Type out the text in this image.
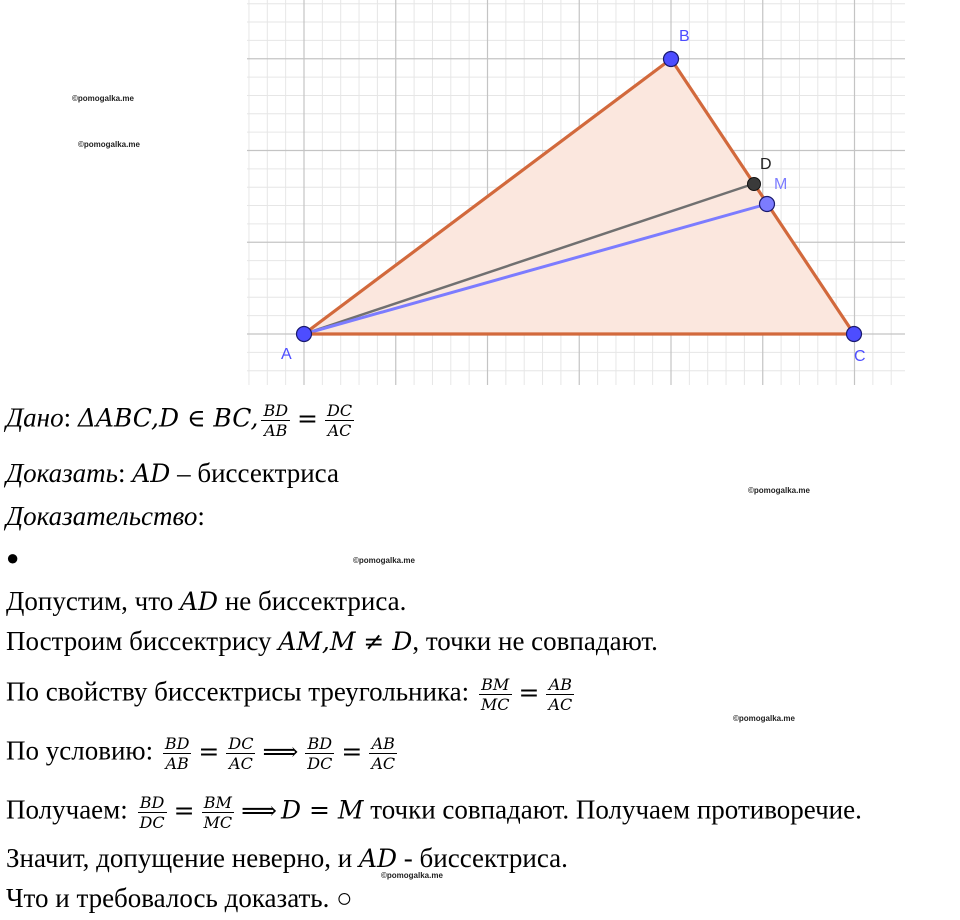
A
B
C
D
M
©pomogalka.me
©pomogalka.me
©pomogalka.me
©pomogalka.me
©pomogalka.me
©pomogalka.me
Дано: ΔABC,D ∈ BC, $\frac{BD}{AB} = \frac{DC}{AC}$
Доказать: AD – биссектриса
Доказательство:
●
Допустим, что AD не биссектриса.
Построим биссектрису AM,M ≠ D, точки не совпадают.
По свойству биссектрисы треугольника: $\frac{BM}{MC} = \frac{AB}{AC}$
По условию: $\frac{BD}{AB} = \frac{DC}{AC}$ ⟹ $\frac{BD}{DC} = \frac{AB}{AC}$
Получаем: $\frac{BD}{DC} = \frac{BM}{MC}$ ⟹ D = M точки совпадают. Получаем противоречие.
Значит, допущение неверно, и AD - биссектриса.
Что и требовалось доказать. ○
